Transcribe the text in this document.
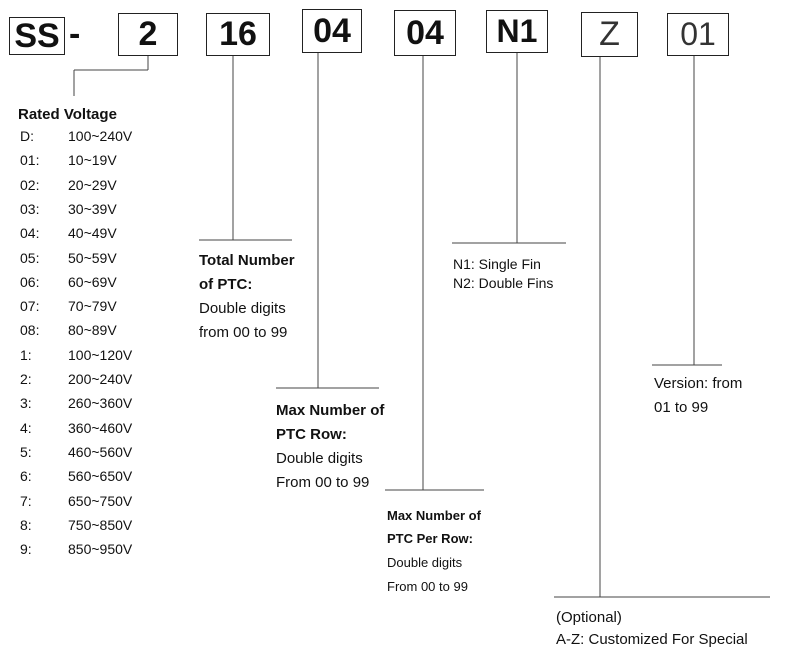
SS -	2	16	04	04	N1	Z	01
Rated Voltage
D: 100~240V
01: 10~19V
02: 20~29V
03: 30~39V
04: 40~49V
05: 50~59V
06: 60~69V
07: 70~79V
08: 80~89V
1:	100~120V
2:	200~240V
3:	260~360V
4:	360~460V
5:	460~560V
6:	560~650V
7:	650~750V
8:	750~850V
9:	850~950V
Total Number
of PTC:
Double digits
from 00 to 99
Max Number of
PTC Row:
Double digits
From 00 to 99
Max Number of
PTC Per Row:
Double digits
From 00 to 99
N1: Single Fin
N2: Double Fins
Version: from
01 to 99
(Optional)
A-Z: Customized For Special
